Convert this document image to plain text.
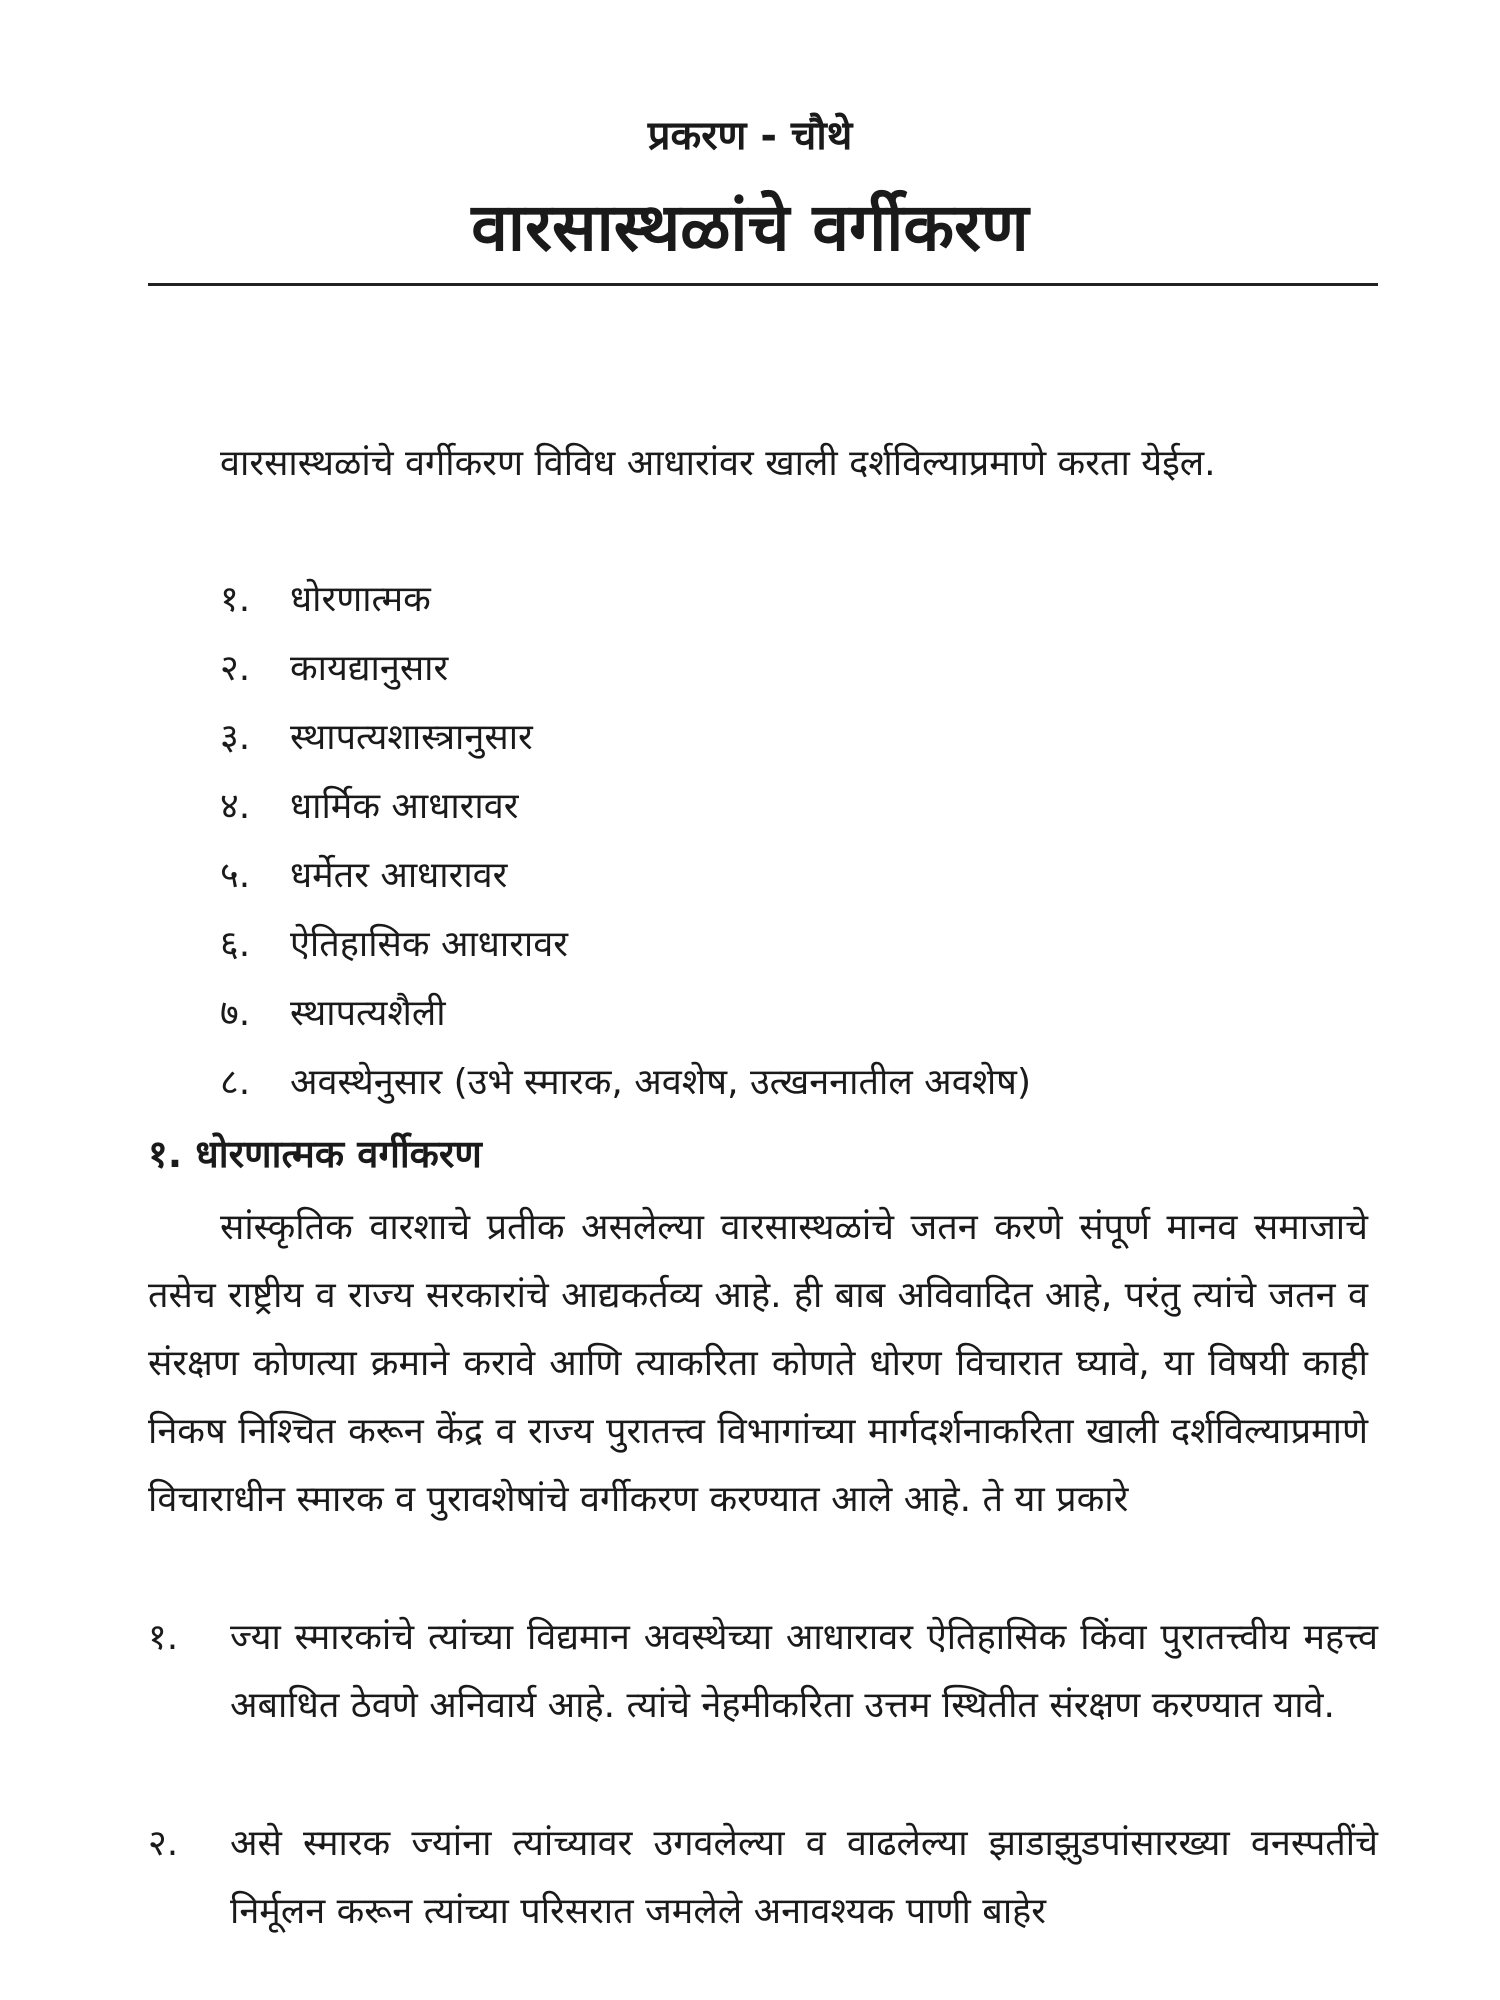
प्रकरण - चौथे
वारसास्थळांचे वर्गीकरण

वारसास्थळांचे वर्गीकरण विविध आधारांवर खाली दर्शविल्याप्रमाणे करता येईल.

१. धोरणात्मक
२. कायद्यानुसार
३. स्थापत्यशास्त्रानुसार
४. धार्मिक आधारावर
५. धर्मेतर आधारावर
६. ऐतिहासिक आधारावर
७. स्थापत्यशैली
८. अवस्थेनुसार (उभे स्मारक, अवशेष, उत्खननातील अवशेष)
१. धोरणात्मक वर्गीकरण

सांस्कृतिक वारशाचे प्रतीक असलेल्या वारसास्थळांचे जतन करणे संपूर्ण मानव समाजाचे तसेच राष्ट्रीय व राज्य सरकारांचे आद्यकर्तव्य आहे. ही बाब अविवादित आहे, परंतु त्यांचे जतन व संरक्षण कोणत्या क्रमाने करावे आणि त्याकरिता कोणते धोरण विचारात घ्यावे, या विषयी काही निकष निश्चित करून केंद्र व राज्य पुरातत्त्व विभागांच्या मार्गदर्शनाकरिता खाली दर्शविल्याप्रमाणे विचाराधीन स्मारक व पुरावशेषांचे वर्गीकरण करण्यात आले आहे. ते या प्रकारे

१. ज्या स्मारकांचे त्यांच्या विद्यमान अवस्थेच्या आधारावर ऐतिहासिक किंवा पुरातत्त्वीय महत्त्व अबाधित ठेवणे अनिवार्य आहे. त्यांचे नेहमीकरिता उत्तम स्थितीत संरक्षण करण्यात यावे.
२. असे स्मारक ज्यांना त्यांच्यावर उगवलेल्या व वाढलेल्या झाडाझुडपांसारख्या वनस्पतींचे निर्मूलन करून त्यांच्या परिसरात जमलेले अनावश्यक पाणी बाहेर
